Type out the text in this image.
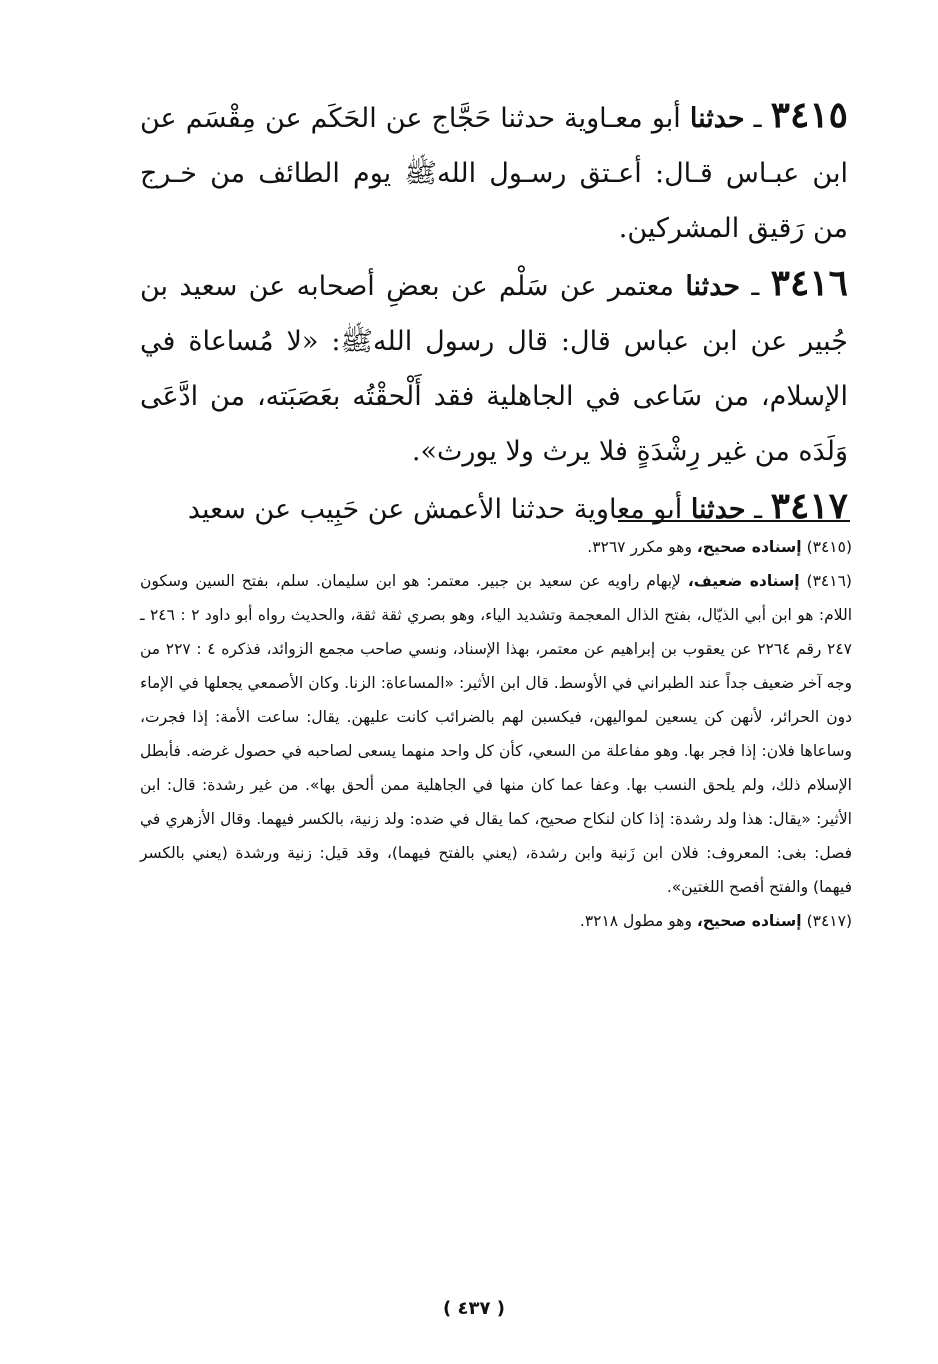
٣٤١٥ ـ حدثنا أبو معـاوية حدثنا حَجَّاج عن الحَكَم عن مِقْسَم عن ابن عبـاس قـال: أعـتق رسـول اللهﷺ يوم الطائف من خـرج من رَقيق المشركين.

٣٤١٦ ـ حدثنا معتمر عن سَلْم عن بعضِ أصحابه عن سعيد بن جُبير عن ابن عباس قال: قال رسول اللهﷺ: «لا مُساعاة في الإسلام، من سَاعى في الجاهلية فقد أَلْحقْتُه بعَصَبَته، من ادَّعَى وَلَدَه من غير رِشْدَةٍ فلا يرث ولا يورث».

٣٤١٧ ـ حدثنا أبو معاوية حدثنا الأعمش عن حَبِيب عن سعيد

(٣٤١٥) إسناده صحيح، وهو مكرر ٣٢٦٧.

(٣٤١٦) إسناده ضعيف، لإبهام راويه عن سعيد بن جبير. معتمر: هو ابن سليمان. سلم، بفتح السين وسكون اللام: هو ابن أبي الذيّال، بفتح الذال المعجمة وتشديد الياء، وهو بصري ثقة ثقة، والحديث رواه أبو داود ٢ : ٢٤٦ ـ ٢٤٧ رقم ٢٢٦٤ عن يعقوب بن إبراهيم عن معتمر، بهذا الإسناد، ونسي صاحب مجمع الزوائد، فذكره ٤ : ٢٢٧ من وجه آخر ضعيف جداً عند الطبراني في الأوسط. قال ابن الأثير: «المساعاة: الزنا. وكان الأصمعي يجعلها في الإماء دون الحرائر، لأنهن كن يسعين لمواليهن، فيكسبن لهم بالضرائب كانت عليهن. يقال: ساعت الأمة: إذا فجرت، وساعاها فلان: إذا فجر بها. وهو مفاعلة من السعي، كأن كل واحد منهما يسعى لصاحبه في حصول غرضه. فأبطل الإسلام ذلك، ولم يلحق النسب بها. وعفا عما كان منها في الجاهلية ممن ألحق بها». من غير رشدة: قال: ابن الأثير: «يقال: هذا ولد رشدة: إذا كان لنكاح صحيح، كما يقال في ضده: ولد زنية، بالكسر فيهما. وقال الأزهري في فصل: بغى: المعروف: فلان ابن زَنية وابن رشدة، (يعني بالفتح فيهما)، وقد قيل: زنية ورشدة (يعني بالكسر فيهما) والفتح أفصح اللغتين».

(٣٤١٧) إسناده صحيح، وهو مطول ٣٢١٨.

( ٤٣٧ )
